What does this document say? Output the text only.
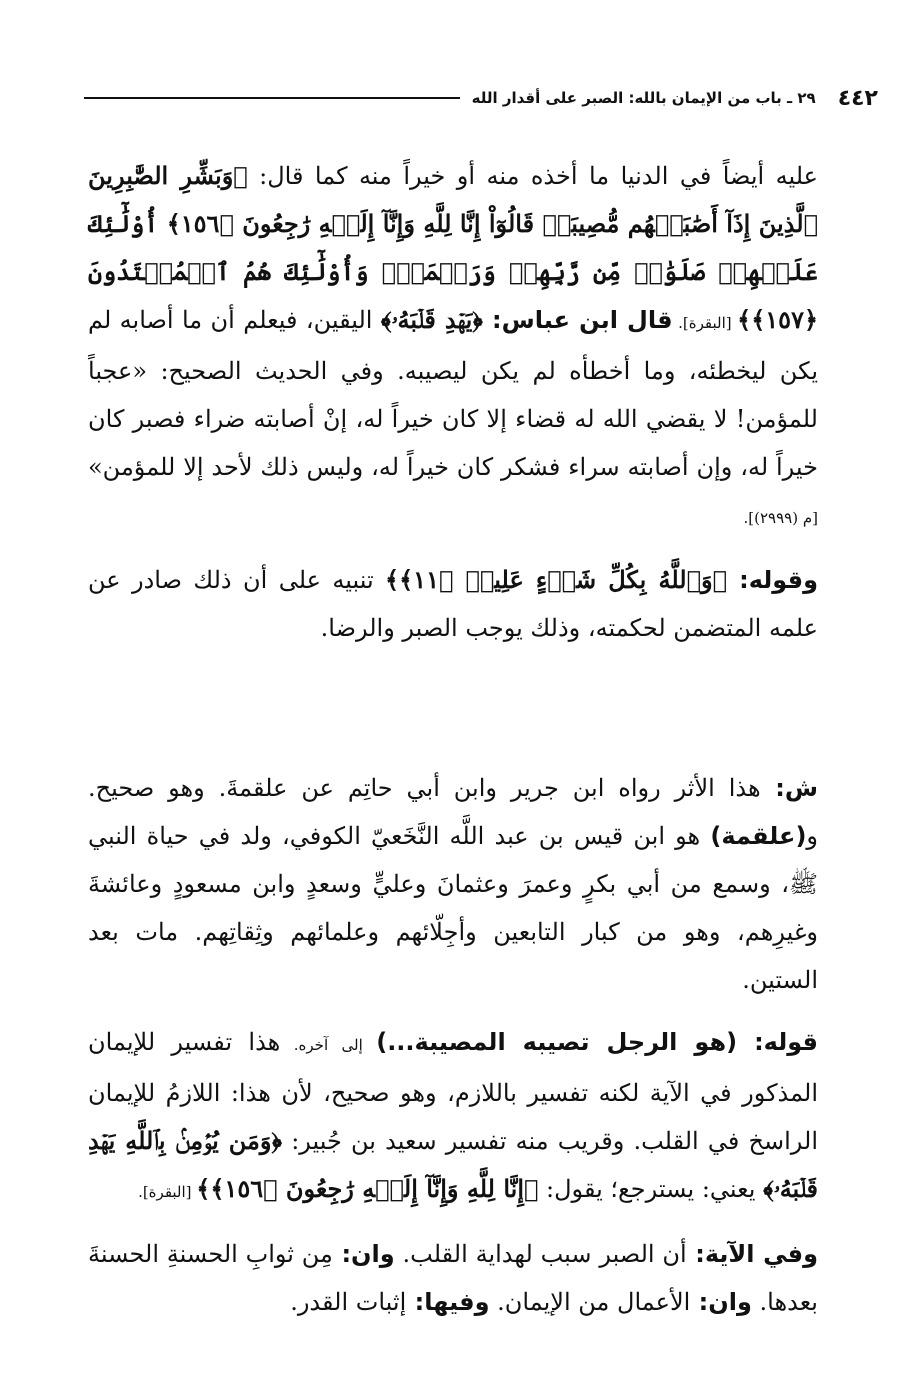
٤٤٢
٢٩ ـ باب من الإيمان بالله: الصبر على أقدار الله

عليه أيضاً في الدنيا ما أخذه منه أو خيراً منه كما قال: ﴿وَبَشِّرِ الصَّٰبِرِينَ ٱلَّذِينَ إِذَآ أَصَٰبَتۡهُم مُّصِيبَةٞ قَالُوٓاْ إِنَّا لِلَّهِ وَإِنَّآ إِلَيۡهِ رَٰجِعُونَ ﴿١٥٦﴾ أُوْلَٰٓئِكَ عَلَيۡهِمۡ صَلَوَٰتٞ مِّن رَّبِّهِمۡ وَرَحۡمَةٞۖ وَأُوْلَٰٓئِكَ هُمُ ٱلۡمُهۡتَدُونَ ﴿١٥٧﴾﴾ [البقرة]. قال ابن عباس: ﴿يَهۡدِ قَلۡبَهُۥ﴾ اليقين، فيعلم أن ما أصابه لم يكن ليخطئه، وما أخطأه لم يكن ليصيبه. وفي الحديث الصحيح: «عجباً للمؤمن! لا يقضي الله له قضاء إلا كان خيراً له، إنْ أصابته ضراء فصبر كان خيراً له، وإن أصابته سراء فشكر كان خيراً له، وليس ذلك لأحد إلا للمؤمن» [م (٢٩٩٩)].

وقوله: ﴿وَٱللَّهُ بِكُلِّ شَيۡءٍ عَلِيمٞ ﴿١١﴾﴾ تنبيه على أن ذلك صادر عن علمه المتضمن لحكمته، وذلك يوجب الصبر والرضا.

ش: هذا الأثر رواه ابن جرير وابن أبي حاتِم عن علقمةَ. وهو صحيح. و(علقمة) هو ابن قيس بن عبد اللَّه النَّخَعيّ الكوفي، ولد في حياة النبي ﷺ، وسمع من أبي بكرٍ وعمرَ وعثمانَ وعليٍّ وسعدٍ وابن مسعودٍ وعائشةَ وغيرِهم، وهو من كبار التابعين وأجِلّائهم وعلمائهم وثِقاتِهم. مات بعد الستين.

قوله: (هو الرجل تصيبه المصيبة...) إلى آخره. هذا تفسير للإيمان المذكور في الآية لكنه تفسير باللازم، وهو صحيح، لأن هذا: اللازمُ للإيمان الراسخ في القلب. وقريب منه تفسير سعيد بن جُبير: ﴿وَمَن يُؤۡمِنۢ بِٱللَّهِ يَهۡدِ قَلۡبَهُۥ﴾ يعني: يسترجع؛ يقول: ﴿إِنَّا لِلَّهِ وَإِنَّآ إِلَيۡهِ رَٰجِعُونَ ﴿١٥٦﴾﴾ [البقرة].

وفي الآية: أن الصبر سبب لهداية القلب. وان: مِن ثوابِ الحسنةِ الحسنةَ بعدها. وان: الأعمال من الإيمان. وفيها: إثبات القدر.
